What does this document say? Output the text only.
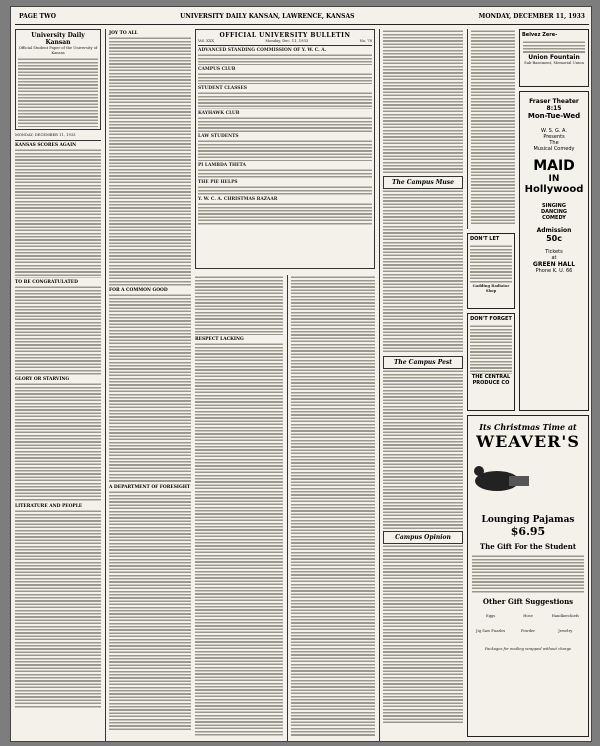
PAGE TWO	UNIVERSITY DAILY KANSAN, LAWRENCE, KANSAS	MONDAY, DECEMBER 11, 1933
University Daily Kansan
Official Student Paper of the University of Kansas
MONDAY, DECEMBER 11, 1933
KANSAS SCORES AGAIN
TO BE CONGRATULATED
GLORY OR STARVING
LITERATURE AND PEOPLE
JOY TO ALL
FOR A COMMON GOOD
A DEPARTMENT OF FORESIGHT
OFFICIAL UNIVERSITY BULLETIN
Vol. XXX	Monday, Dec. 11, 1933	No. 78
ADVANCED STANDING COMMISSION OF Y. W. C. A.
CAMPUS CLUB
STUDENT CLASSES
KAYHAWK CLUB
LAW STUDENTS
PI LAMBDA THETA
THE PIE HELPS
Y. W. C. A. CHRISTMAS BAZAAR
RESPECT LACKING
The Campus Muse
The Campus Pest
Campus Opinion
Belvez Zere-
Union Fountain
Sub-Basement, Memorial Union
Fraser Theater
8:15
Mon-Tue-Wed
W. S. G. A.
Presents
The
Musical Comedy
MAID
IN
Hollywood
SINGING
DANCING
COMEDY
Admission
50c
Tickets
at
GREEN HALL
Phone K. U. 66
DON'T LET
Gadding Radiator Shop
DON'T FORGET
THE CENTRAL PRODUCE CO
Its Christmas Time at
WEAVER'S
Lounging Pajamas
$6.95
The Gift For the Student
Other Gift Suggestions
Eggs	Hose	Handkerchiefs
Jig Saw Puzzles	Powder	Jewelry
Packages for mailing wrapped without charge
